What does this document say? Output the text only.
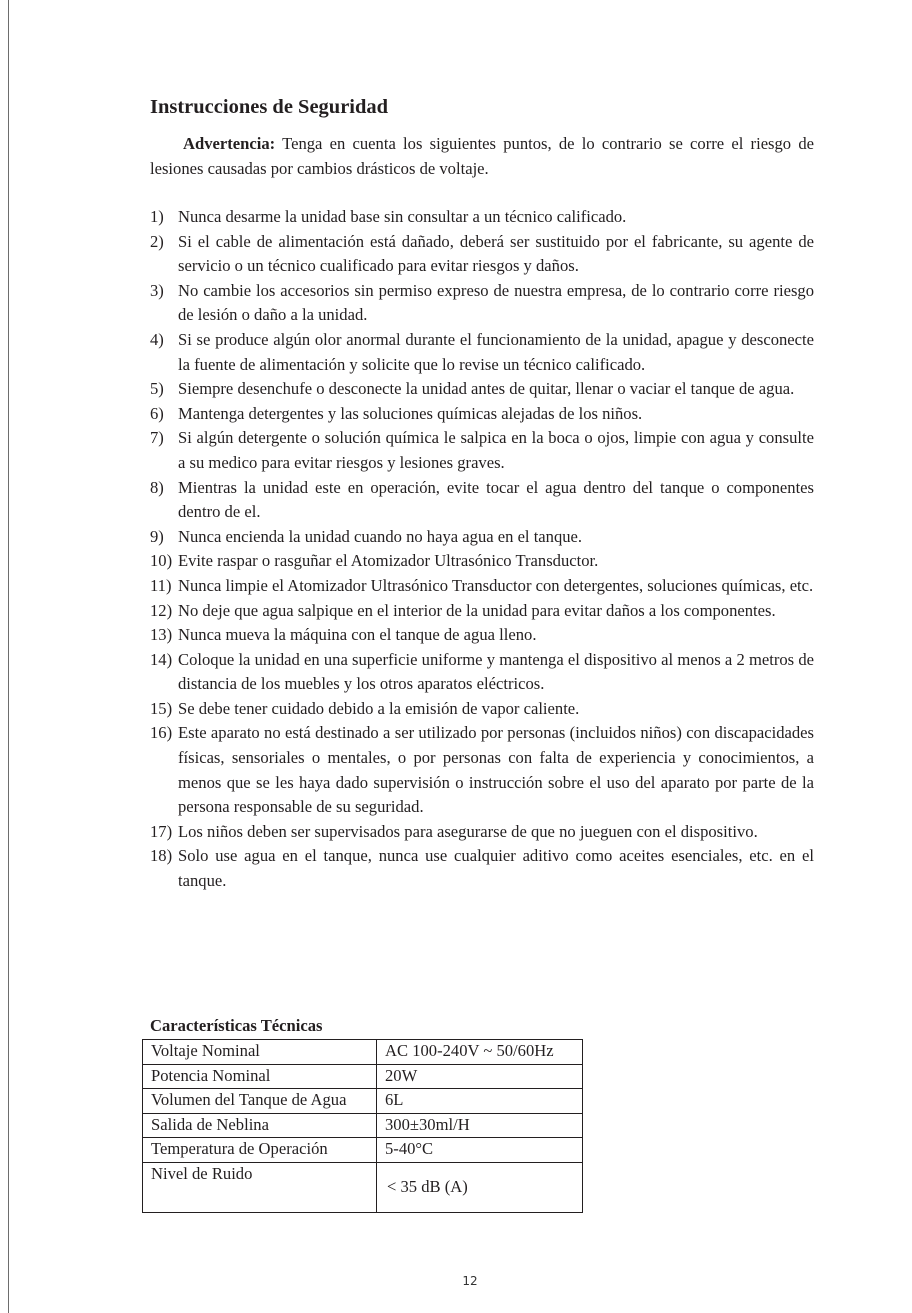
Instrucciones de Seguridad

Advertencia: Tenga en cuenta los siguientes puntos, de lo contrario se corre el riesgo de lesiones causadas por cambios drásticos de voltaje.

1) Nunca desarme la unidad base sin consultar a un técnico calificado.
2) Si el cable de alimentación está dañado, deberá ser sustituido por el fabricante, su agente de servicio o un técnico cualificado para evitar riesgos y daños.
3) No cambie los accesorios sin permiso expreso de nuestra empresa, de lo contrario corre riesgo de lesión o daño a la unidad.
4) Si se produce algún olor anormal durante el funcionamiento de la unidad, apague y desconecte la fuente de alimentación y solicite que lo revise un técnico calificado.
5) Siempre desenchufe o desconecte la unidad antes de quitar, llenar o vaciar el tanque de agua.
6) Mantenga detergentes y las soluciones químicas alejadas de los niños.
7) Si algún detergente o solución química le salpica en la boca o ojos, limpie con agua y consulte a su medico para evitar riesgos y lesiones graves.
8) Mientras la unidad este en operación, evite tocar el agua dentro del tanque o componentes dentro de el.
9) Nunca encienda la unidad cuando no haya agua en el tanque.
10) Evite raspar o rasguñar el Atomizador Ultrasónico Transductor.
11) Nunca limpie el Atomizador Ultrasónico Transductor con detergentes, soluciones químicas, etc.
12) No deje que agua salpique en el interior de la unidad para evitar daños a los componentes.
13) Nunca mueva la máquina con el tanque de agua lleno.
14) Coloque la unidad en una superficie uniforme y mantenga el dispositivo al menos a 2 metros de distancia de los muebles y los otros aparatos eléctricos.
15) Se debe tener cuidado debido a la emisión de vapor caliente.
16) Este aparato no está destinado a ser utilizado por personas (incluidos niños) con discapacidades físicas, sensoriales o mentales, o por personas con falta de experiencia y conocimientos, a menos que se les haya dado supervisión o instrucción sobre el uso del aparato por parte de la persona responsable de su seguridad.
17) Los niños deben ser supervisados para asegurarse de que no jueguen con el dispositivo.
18) Solo use agua en el tanque, nunca use cualquier aditivo como aceites esenciales, etc. en el tanque.
Características Técnicas
Voltaje Nominal	AC 100-240V ~ 50/60Hz
Potencia Nominal	20W
Volumen del Tanque de Agua	6L
Salida de Neblina	300±30ml/H
Temperatura de Operación	5-40°C
Nivel de Ruido	< 35 dB (A)
12
